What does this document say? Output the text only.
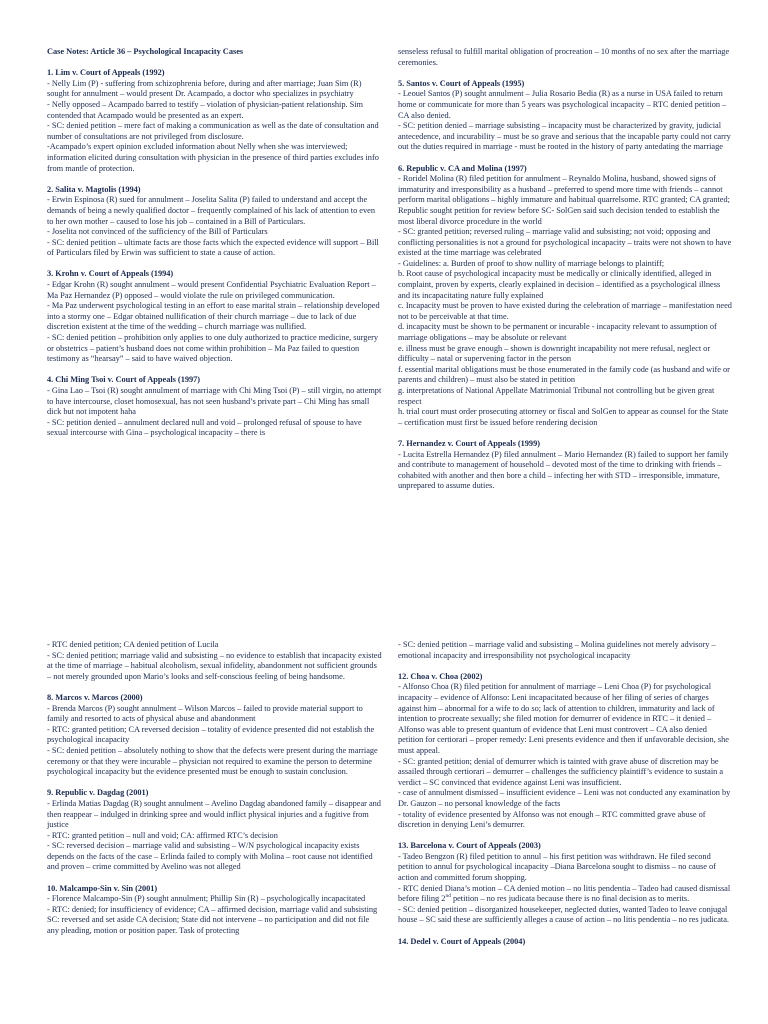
Case Notes: Article 36 – Psychological Incapacity Cases

1. Lim v. Court of Appeals (1992)

- Nelly Lim (P) - suffering from schizophrenia before, during and after marriage; Juan Sim (R) sought for annulment – would present Dr. Acampado, a doctor who specializes in psychiatry

- Nelly opposed – Acampado barred to testify – violation of physician-patient relationship. Sim contended that Acampado would be presented as an expert.

- SC: denied petition – mere fact of making a communication as well as the date of consultation and number of consultations are not privileged from disclosure.

-Acampado’s expert opinion excluded information about Nelly when she was interviewed; information elicited during consultation with physician in the presence of third parties excludes info from mantle of protection.

2. Salita v. Magtolis (1994)

- Erwin Espinosa (R) sued for annulment – Joselita Salita (P) failed to understand and accept the demands of being a newly qualified doctor – frequently complained of his lack of attention to even to her own mother – caused to lose his job – contained in a Bill of Particulars.

- Joselita not convinced of the sufficiency of the Bill of Particulars

- SC: denied petition – ultimate facts are those facts which the expected evidence will support – Bill of Particulars filed by Erwin was sufficient to state a cause of action.

3. Krohn v. Court of Appeals (1994)

- Edgar Krohn (R) sought annulment – would present Confidential Psychiatric Evaluation Report – Ma Paz Hernandez (P) opposed – would violate the rule on privileged communication.

- Ma Paz underwent psychological testing in an effort to ease marital strain – relationship developed into a stormy one – Edgar obtained nullification of their church marriage – due to lack of due discretion existent at the time of the wedding – church marriage was nullified.

- SC: denied petition – prohibition only applies to one duly authorized to practice medicine, surgery or obstetrics – patient’s husband does not come within prohibition – Ma Paz failed to question testimony as “hearsay” – said to have waived objection.

4. Chi Ming Tsoi v. Court of Appeals (1997)

- Gina Lao – Tsoi (R) sought annulment of marriage with Chi Ming Tsoi (P) – still virgin, no attempt to have intercourse, closet homosexual, has not seen husband’s private part – Chi Ming has small dick but not impotent haha

- SC: petition denied – annulment declared null and void – prolonged refusal of spouse to have sexual intercourse with Gina – psychological incapacity – there is

senseless refusal to fulfill marital obligation of procreation – 10 months of no sex after the marriage ceremonies.

5. Santos v. Court of Appeals (1995)

- Leouel Santos (P) sought annulment – Julia Rosario Bedia (R) as a nurse in USA failed to return home or communicate for more than 5 years was psychological incapacity – RTC denied petition – CA also denied.

- SC: petition denied – marriage subsisting – incapacity must be characterized by gravity, judicial antecedence, and incurability – must be so grave and serious that the incapable party could not carry out the duties required in marriage - must be rooted in the history of party antedating the marriage

6. Republic v. CA and Molina (1997)

- Roridel Molina (R) filed petition for annulment – Reynaldo Molina, husband, showed signs of immaturity and irresponsibility as a husband – preferred to spend more time with friends – cannot perform marital obligations – highly immature and habitual quarrelsome. RTC granted; CA granted; Republic sought petition for review before SC- SolGen said such decision tended to establish the most liberal divorce procedure in the world

- SC: granted petition; reversed ruling – marriage valid and subsisting; not void; opposing and conflicting personalities is not a ground for psychological incapacity – traits were not shown to have existed at the time marriage was celebrated

- Guidelines: a. Burden of proof to show nullity of marriage belongs to plaintiff;

b. Root cause of psychological incapacity must be medically or clinically identified, alleged in complaint, proven by experts, clearly explained in decision – identified as a psychological illness and its incapacitating nature fully explained

c. Incapacity must be proven to have existed during the celebration of marriage – manifestation need not to be perceivable at that time.

d. incapacity must be shown to be permanent or incurable - incapacity relevant to assumption of marriage obligations – may be absolute or relevant

e. illness must be grave enough – shown is downright incapability not mere refusal, neglect or difficulty – natal or supervening factor in the person

f. essential marital obligations must be those enumerated in the family code (as husband and wife or parents and children) – must also be stated in petition

g. interpretations of National Appellate Matrimonial Tribunal not controlling but be given great respect

h. trial court must order prosecuting attorney or fiscal and SolGen to appear as counsel for the State – certification must first be issued before rendering decision

7. Hernandez v. Court of Appeals (1999)

- Lucita Estrella Hernandez (P) filed annulment – Mario Hernandez (R) failed to support her family and contribute to management of household – devoted most of the time to drinking with friends – cohabited with another and then bore a child – infecting her with STD – irresponsible, immature, unprepared to assume duties.

- RTC denied petition; CA denied petition of Lucila

- SC: denied petition; marriage valid and subsisting – no evidence to establish that incapacity existed at the time of marriage – habitual alcoholism, sexual infidelity, abandonment not sufficient grounds – not merely grounded upon Mario’s looks and self-conscious feeling of being handsome.

8. Marcos v. Marcos (2000)

- Brenda Marcos (P) sought annulment – Wilson Marcos – failed to provide material support to family and resorted to acts of physical abuse and abandonment

- RTC: granted petition; CA reversed decision – totality of evidence presented did not establish the psychological incapacity

- SC: denied petition – absolutely nothing to show that the defects were present during the marriage ceremony or that they were incurable – physician not required to examine the person to determine psychological incapacity but the evidence presented must be enough to sustain conclusion.

9. Republic v. Dagdag (2001)

- Erlinda Matias Dagdag (R) sought annulment – Avelino Dagdag abandoned family – disappear and then reappear – indulged in drinking spree and would inflict physical injuries and a fugitive from justice

- RTC: granted petition – null and void; CA: affirmed RTC’s decision

- SC: reversed decision – marriage valid and subsisting – W/N psychological incapacity exists depends on the facts of the case – Erlinda failed to comply with Molina – root cause not identified and proven – crime committed by Avelino was not alleged

10. Malcampo-Sin v. Sin (2001)

- Florence Malcampo-Sin (P) sought annulment; Phillip Sin (R) – psychologically incapacitated

- RTC: denied; for insufficiency of evidence; CA – affirmed decision, marriage valid and subsisting

SC: reversed and set aside CA decision; State did not intervene – no participation and did not file any pleading, motion or position paper. Task of protecting

- SC: denied petition – marriage valid and subsisting – Molina guidelines not merely advisory – emotional incapacity and irresponsibility not psychological incapacity

12. Choa v. Choa (2002)

- Alfonso Choa (R) filed petition for annulment of marriage – Leni Choa (P) for psychological incapacity – evidence of Alfonso: Leni incapacitated because of her filing of series of charges against him – abnormal for a wife to do so; lack of attention to children, immaturity and lack of intention to procreate sexually; she filed motion for demurrer of evidence in RTC – it denied – Alfonso was able to present quantum of evidence that Leni must controvert – CA also denied petition for certiorari – proper remedy: Leni presents evidence and then if unfavorable decision, she must appeal.

- SC: granted petition; denial of demurrer which is tainted with grave abuse of discretion may be assailed through certiorari – demurrer – challenges the sufficiency plaintiff’s evidence to sustain a verdict – SC convinced that evidence against Leni was insufficient.

- case of annulment dismissed – insufficient evidence – Leni was not conducted any examination by Dr. Gauzon – no personal knowledge of the facts

- totality of evidence presented by Alfonso was not enough – RTC committed grave abuse of discretion in denying Leni’s demurrer.

13. Barcelona v. Court of Appeals (2003)

- Tadeo Bengzon (R) filed petition to annul – his first petition was withdrawn. He filed second petition to annul for psychological incapacity –Diana Barcelona sought to dismiss – no cause of action and committed forum shopping.

- RTC denied Diana’s motion – CA denied motion – no litis pendentia – Tadeo had caused dismissal before filing 2nd petition – no res judicata because there is no final decision as to merits.

- SC: denied petition – disorganized housekeeper, neglected duties, wanted Tadeo to leave conjugal house – SC said these are sufficiently alleges a cause of action – no litis pendentia – no res judicata.

14. Dedel v. Court of Appeals (2004)
